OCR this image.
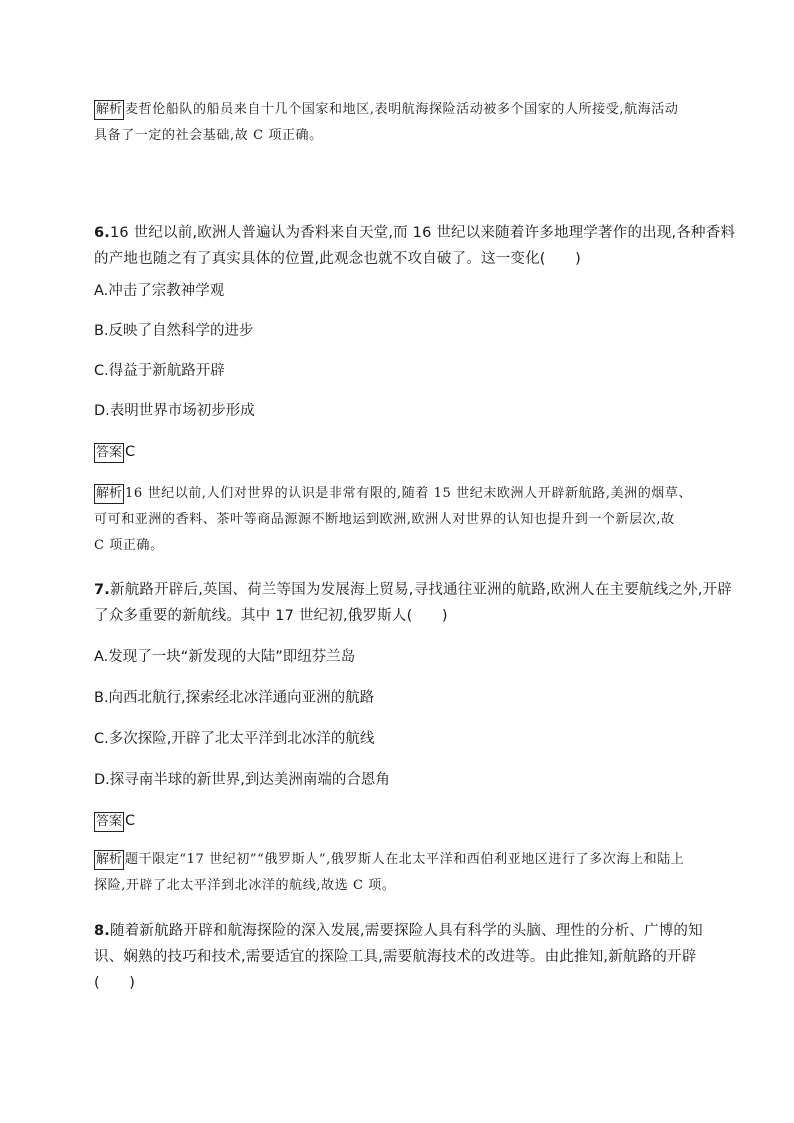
解析 麦哲伦船队的船员来自十几个国家和地区,表明航海探险活动被多个国家的人所接受,航海活动
具备了一定的社会基础,故 C 项正确。
6.16 世纪以前,欧洲人普遍认为香料来自天堂,而 16 世纪以来随着许多地理学著作的出现,各种香料
的产地也随之有了真实具体的位置,此观念也就不攻自破了。这一变化(　　)
A.冲击了宗教神学观
B.反映了自然科学的进步
C.得益于新航路开辟
D.表明世界市场初步形成
答案 C
解析 16 世纪以前,人们对世界的认识是非常有限的,随着 15 世纪末欧洲人开辟新航路,美洲的烟草、
可可和亚洲的香料、茶叶等商品源源不断地运到欧洲,欧洲人对世界的认知也提升到一个新层次,故
C 项正确。
7.新航路开辟后,英国、荷兰等国为发展海上贸易,寻找通往亚洲的航路,欧洲人在主要航线之外,开辟
了众多重要的新航线。其中 17 世纪初,俄罗斯人(　　)
A.发现了一块“新发现的大陆”即纽芬兰岛
B.向西北航行,探索经北冰洋通向亚洲的航路
C.多次探险,开辟了北太平洋到北冰洋的航线
D.探寻南半球的新世界,到达美洲南端的合恩角
答案 C
解析 题干限定“17 世纪初”“俄罗斯人”,俄罗斯人在北太平洋和西伯利亚地区进行了多次海上和陆上
探险,开辟了北太平洋到北冰洋的航线,故选 C 项。
8.随着新航路开辟和航海探险的深入发展,需要探险人具有科学的头脑、理性的分析、广博的知
识、娴熟的技巧和技术,需要适宜的探险工具,需要航海技术的改进等。由此推知,新航路的开辟
(　　)
